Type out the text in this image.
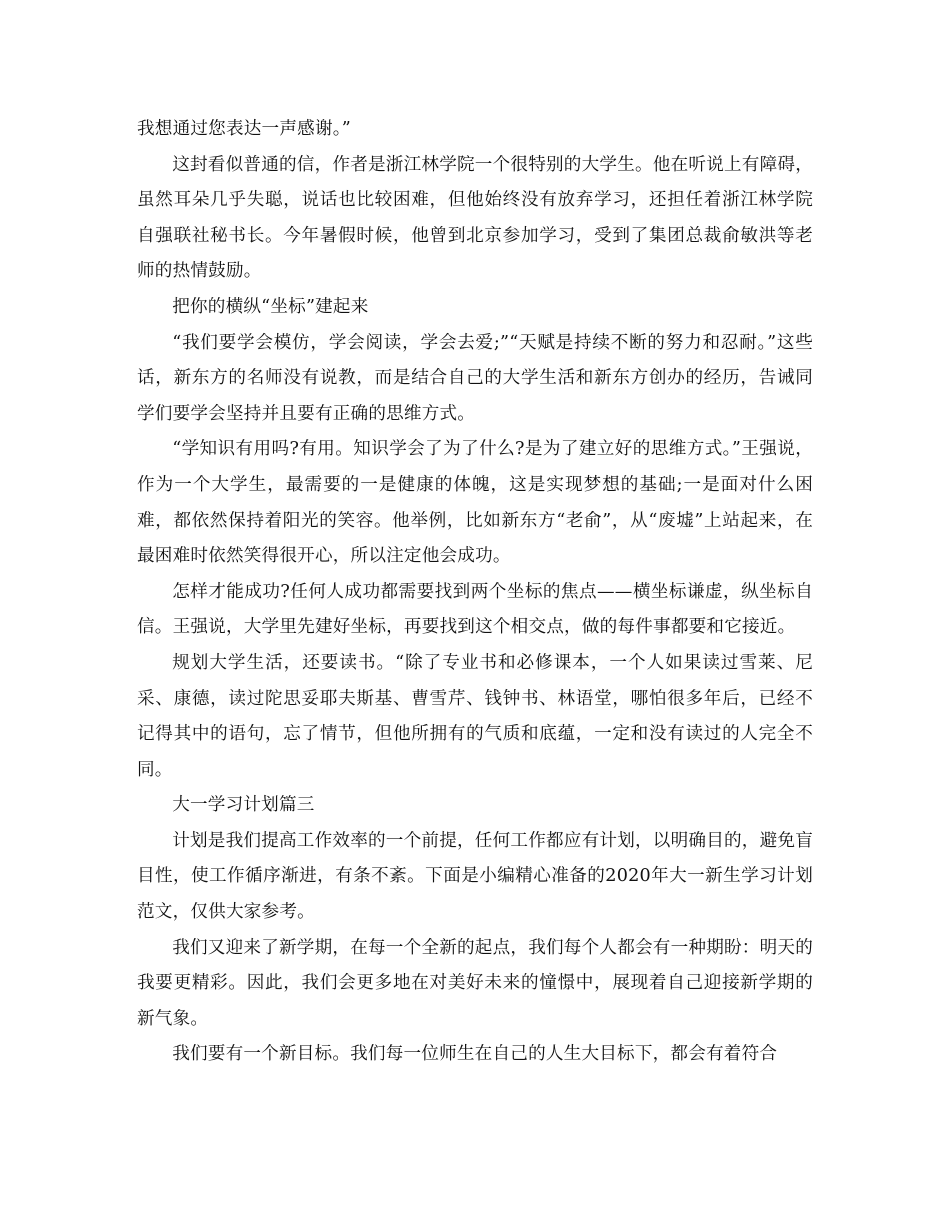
我想通过您表达一声感谢。”

这封看似普通的信，作者是浙江林学院一个很特别的大学生。他在听说上有障碍，虽然耳朵几乎失聪，说话也比较困难，但他始终没有放弃学习，还担任着浙江林学院自强联社秘书长。今年暑假时候，他曾到北京参加学习，受到了集团总裁俞敏洪等老师的热情鼓励。

把你的横纵“坐标”建起来

“我们要学会模仿，学会阅读，学会去爱;”“天赋是持续不断的努力和忍耐。”这些话，新东方的名师没有说教，而是结合自己的大学生活和新东方创办的经历，告诫同学们要学会坚持并且要有正确的思维方式。

“学知识有用吗?有用。知识学会了为了什么?是为了建立好的思维方式。”王强说，作为一个大学生，最需要的一是健康的体魄，这是实现梦想的基础;一是面对什么困难，都依然保持着阳光的笑容。他举例，比如新东方“老俞”，从“废墟”上站起来，在最困难时依然笑得很开心，所以注定他会成功。

怎样才能成功?任何人成功都需要找到两个坐标的焦点——横坐标谦虚，纵坐标自信。王强说，大学里先建好坐标，再要找到这个相交点，做的每件事都要和它接近。

规划大学生活，还要读书。“除了专业书和必修课本，一个人如果读过雪莱、尼采、康德，读过陀思妥耶夫斯基、曹雪芹、钱钟书、林语堂，哪怕很多年后，已经不记得其中的语句，忘了情节，但他所拥有的气质和底蕴，一定和没有读过的人完全不同。

大一学习计划篇三

计划是我们提高工作效率的一个前提，任何工作都应有计划，以明确目的，避免盲目性，使工作循序渐进，有条不紊。下面是小编精心准备的2020年大一新生学习计划范文，仅供大家参考。

我们又迎来了新学期，在每一个全新的起点，我们每个人都会有一种期盼：明天的我要更精彩。因此，我们会更多地在对美好未来的憧憬中，展现着自己迎接新学期的新气象。

我们要有一个新目标。我们每一位师生在自己的人生大目标下，都会有着符合
